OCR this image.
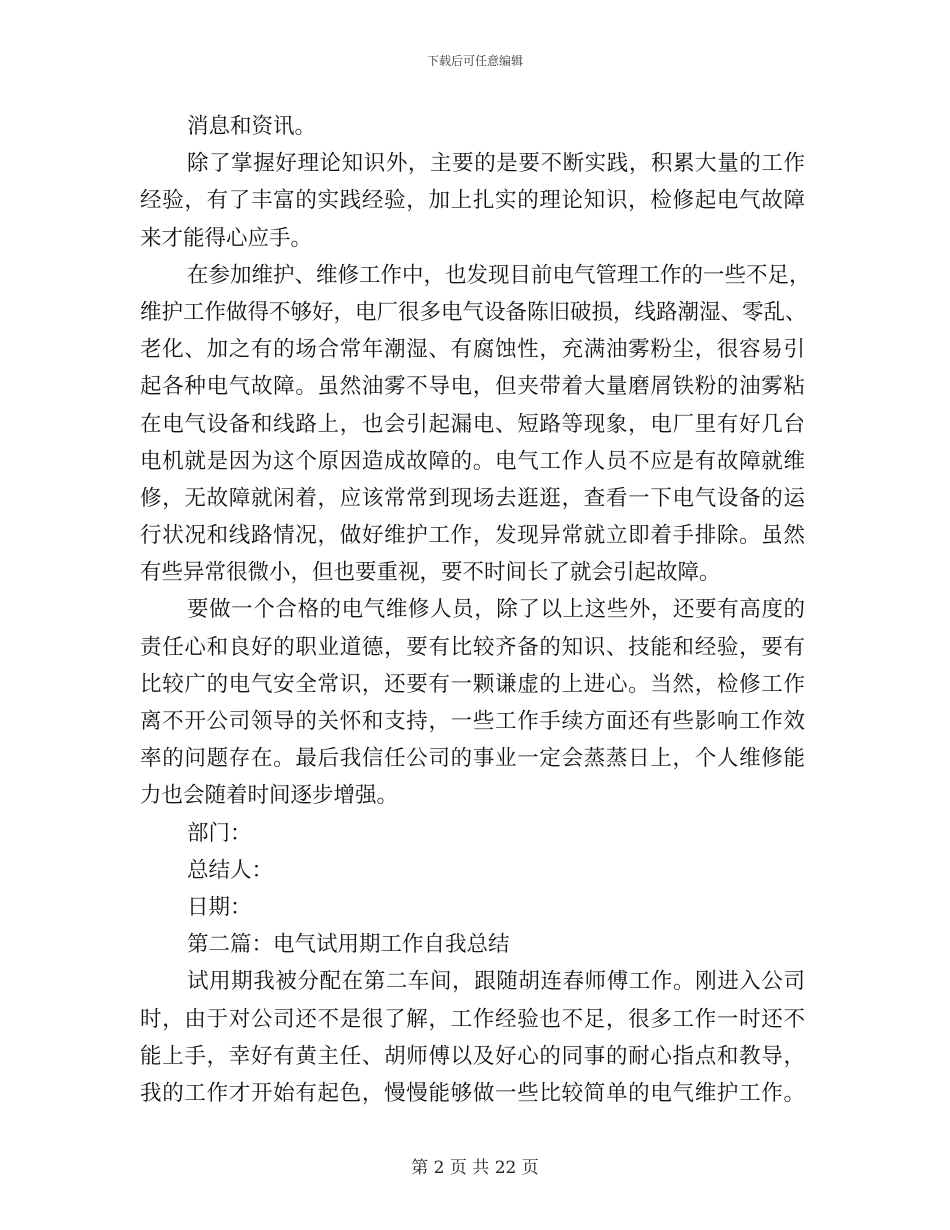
下载后可任意编辑
消息和资讯。
除了掌握好理论知识外，主要的是要不断实践，积累大量的工作
经验，有了丰富的实践经验，加上扎实的理论知识，检修起电气故障
来才能得心应手。
在参加维护、维修工作中，也发现目前电气管理工作的一些不足，
维护工作做得不够好，电厂很多电气设备陈旧破损，线路潮湿、零乱、
老化、加之有的场合常年潮湿、有腐蚀性，充满油雾粉尘，很容易引
起各种电气故障。虽然油雾不导电，但夹带着大量磨屑铁粉的油雾粘
在电气设备和线路上，也会引起漏电、短路等现象，电厂里有好几台
电机就是因为这个原因造成故障的。电气工作人员不应是有故障就维
修，无故障就闲着，应该常常到现场去逛逛，查看一下电气设备的运
行状况和线路情况，做好维护工作，发现异常就立即着手排除。虽然
有些异常很微小，但也要重视，要不时间长了就会引起故障。
要做一个合格的电气维修人员，除了以上这些外，还要有高度的
责任心和良好的职业道德，要有比较齐备的知识、技能和经验，要有
比较广的电气安全常识，还要有一颗谦虚的上进心。当然，检修工作
离不开公司领导的关怀和支持，一些工作手续方面还有些影响工作效
率的问题存在。最后我信任公司的事业一定会蒸蒸日上，个人维修能
力也会随着时间逐步增强。
部门：
总结人：
日期：
第二篇：电气试用期工作自我总结
试用期我被分配在第二车间，跟随胡连春师傅工作。刚进入公司
时，由于对公司还不是很了解，工作经验也不足，很多工作一时还不
能上手，幸好有黄主任、胡师傅以及好心的同事的耐心指点和教导，
我的工作才开始有起色，慢慢能够做一些比较简单的电气维护工作。
第 2 页 共 22 页
